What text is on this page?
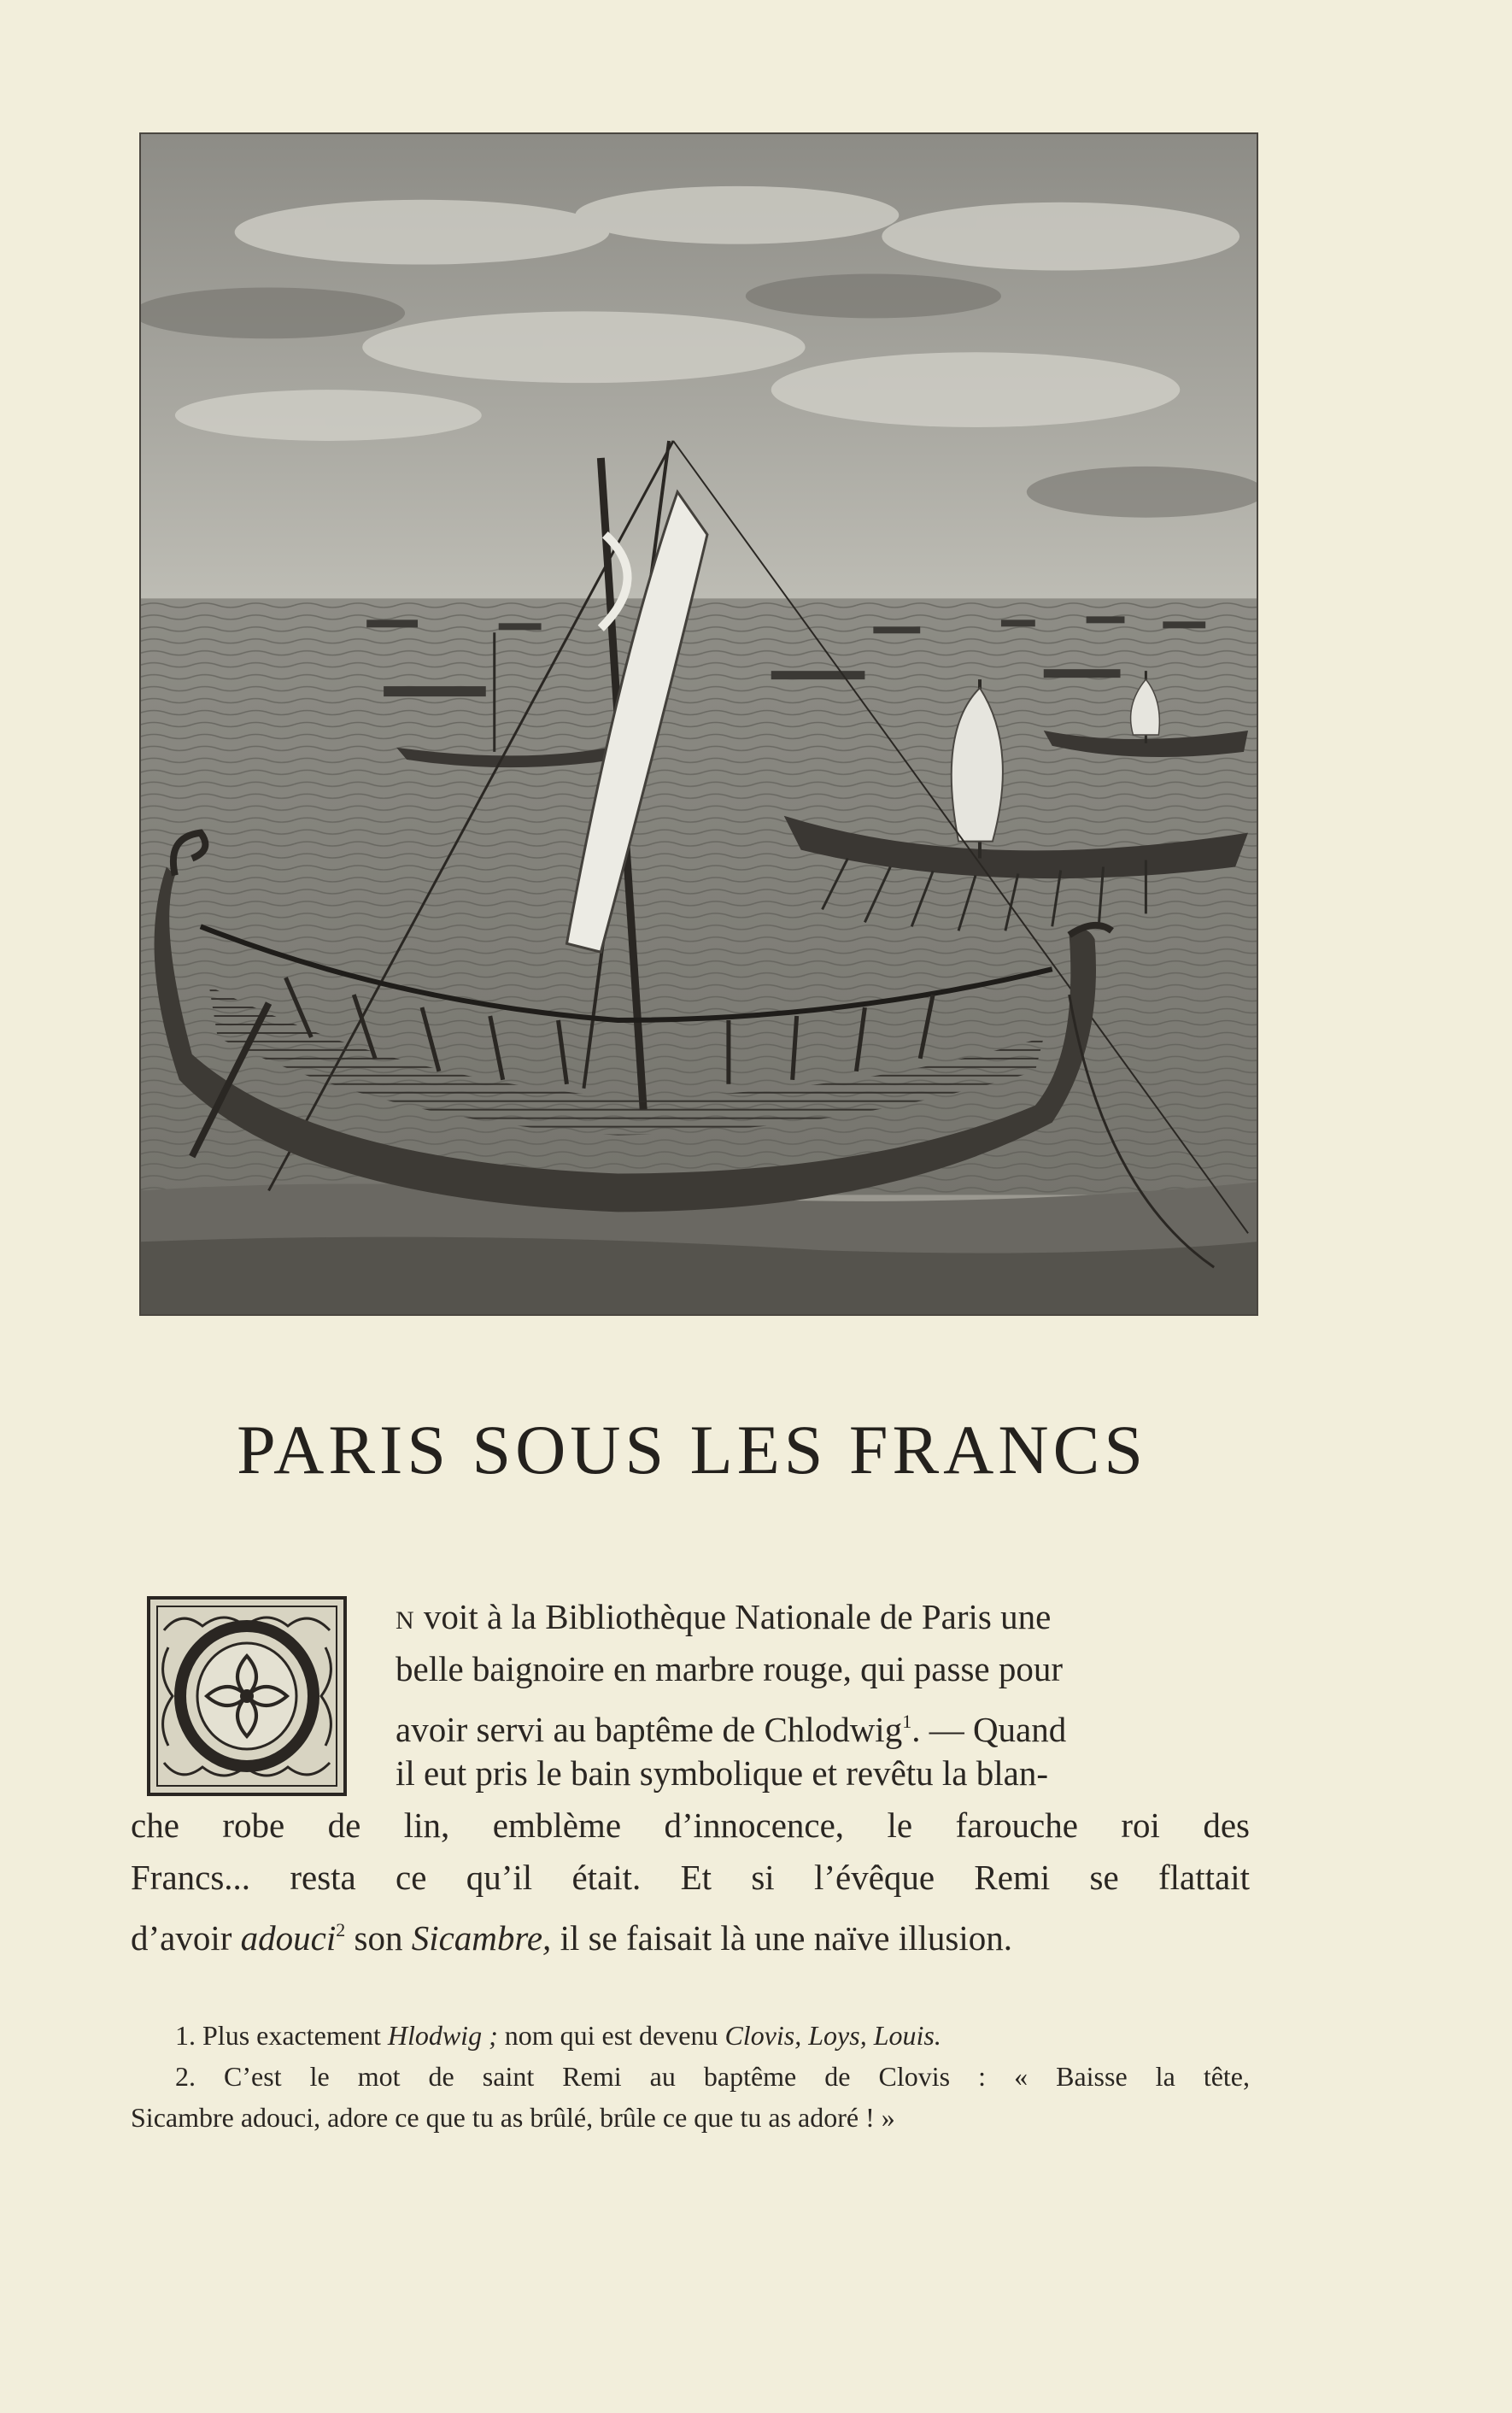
PARIS SOUS LES FRANCS
N voit à la Bibliothèque Nationale de Paris une
belle baignoire en marbre rouge, qui passe pour
avoir servi au baptême de Chlodwig$^1$. — Quand
il eut pris le bain symbolique et revêtu la blan-
che robe de lin, emblème d’innocence, le farouche roi des
Francs... resta ce qu’il était. Et si l’évêque Remi se flattait
d’avoir adouci$^2$ son Sicambre, il se faisait là une naïve illusion.
1. Plus exactement Hlodwig ; nom qui est devenu Clovis, Loys, Louis.
2. C’est le mot de saint Remi au baptême de Clovis : « Baisse la tête,
Sicambre adouci, adore ce que tu as brûlé, brûle ce que tu as adoré ! »
